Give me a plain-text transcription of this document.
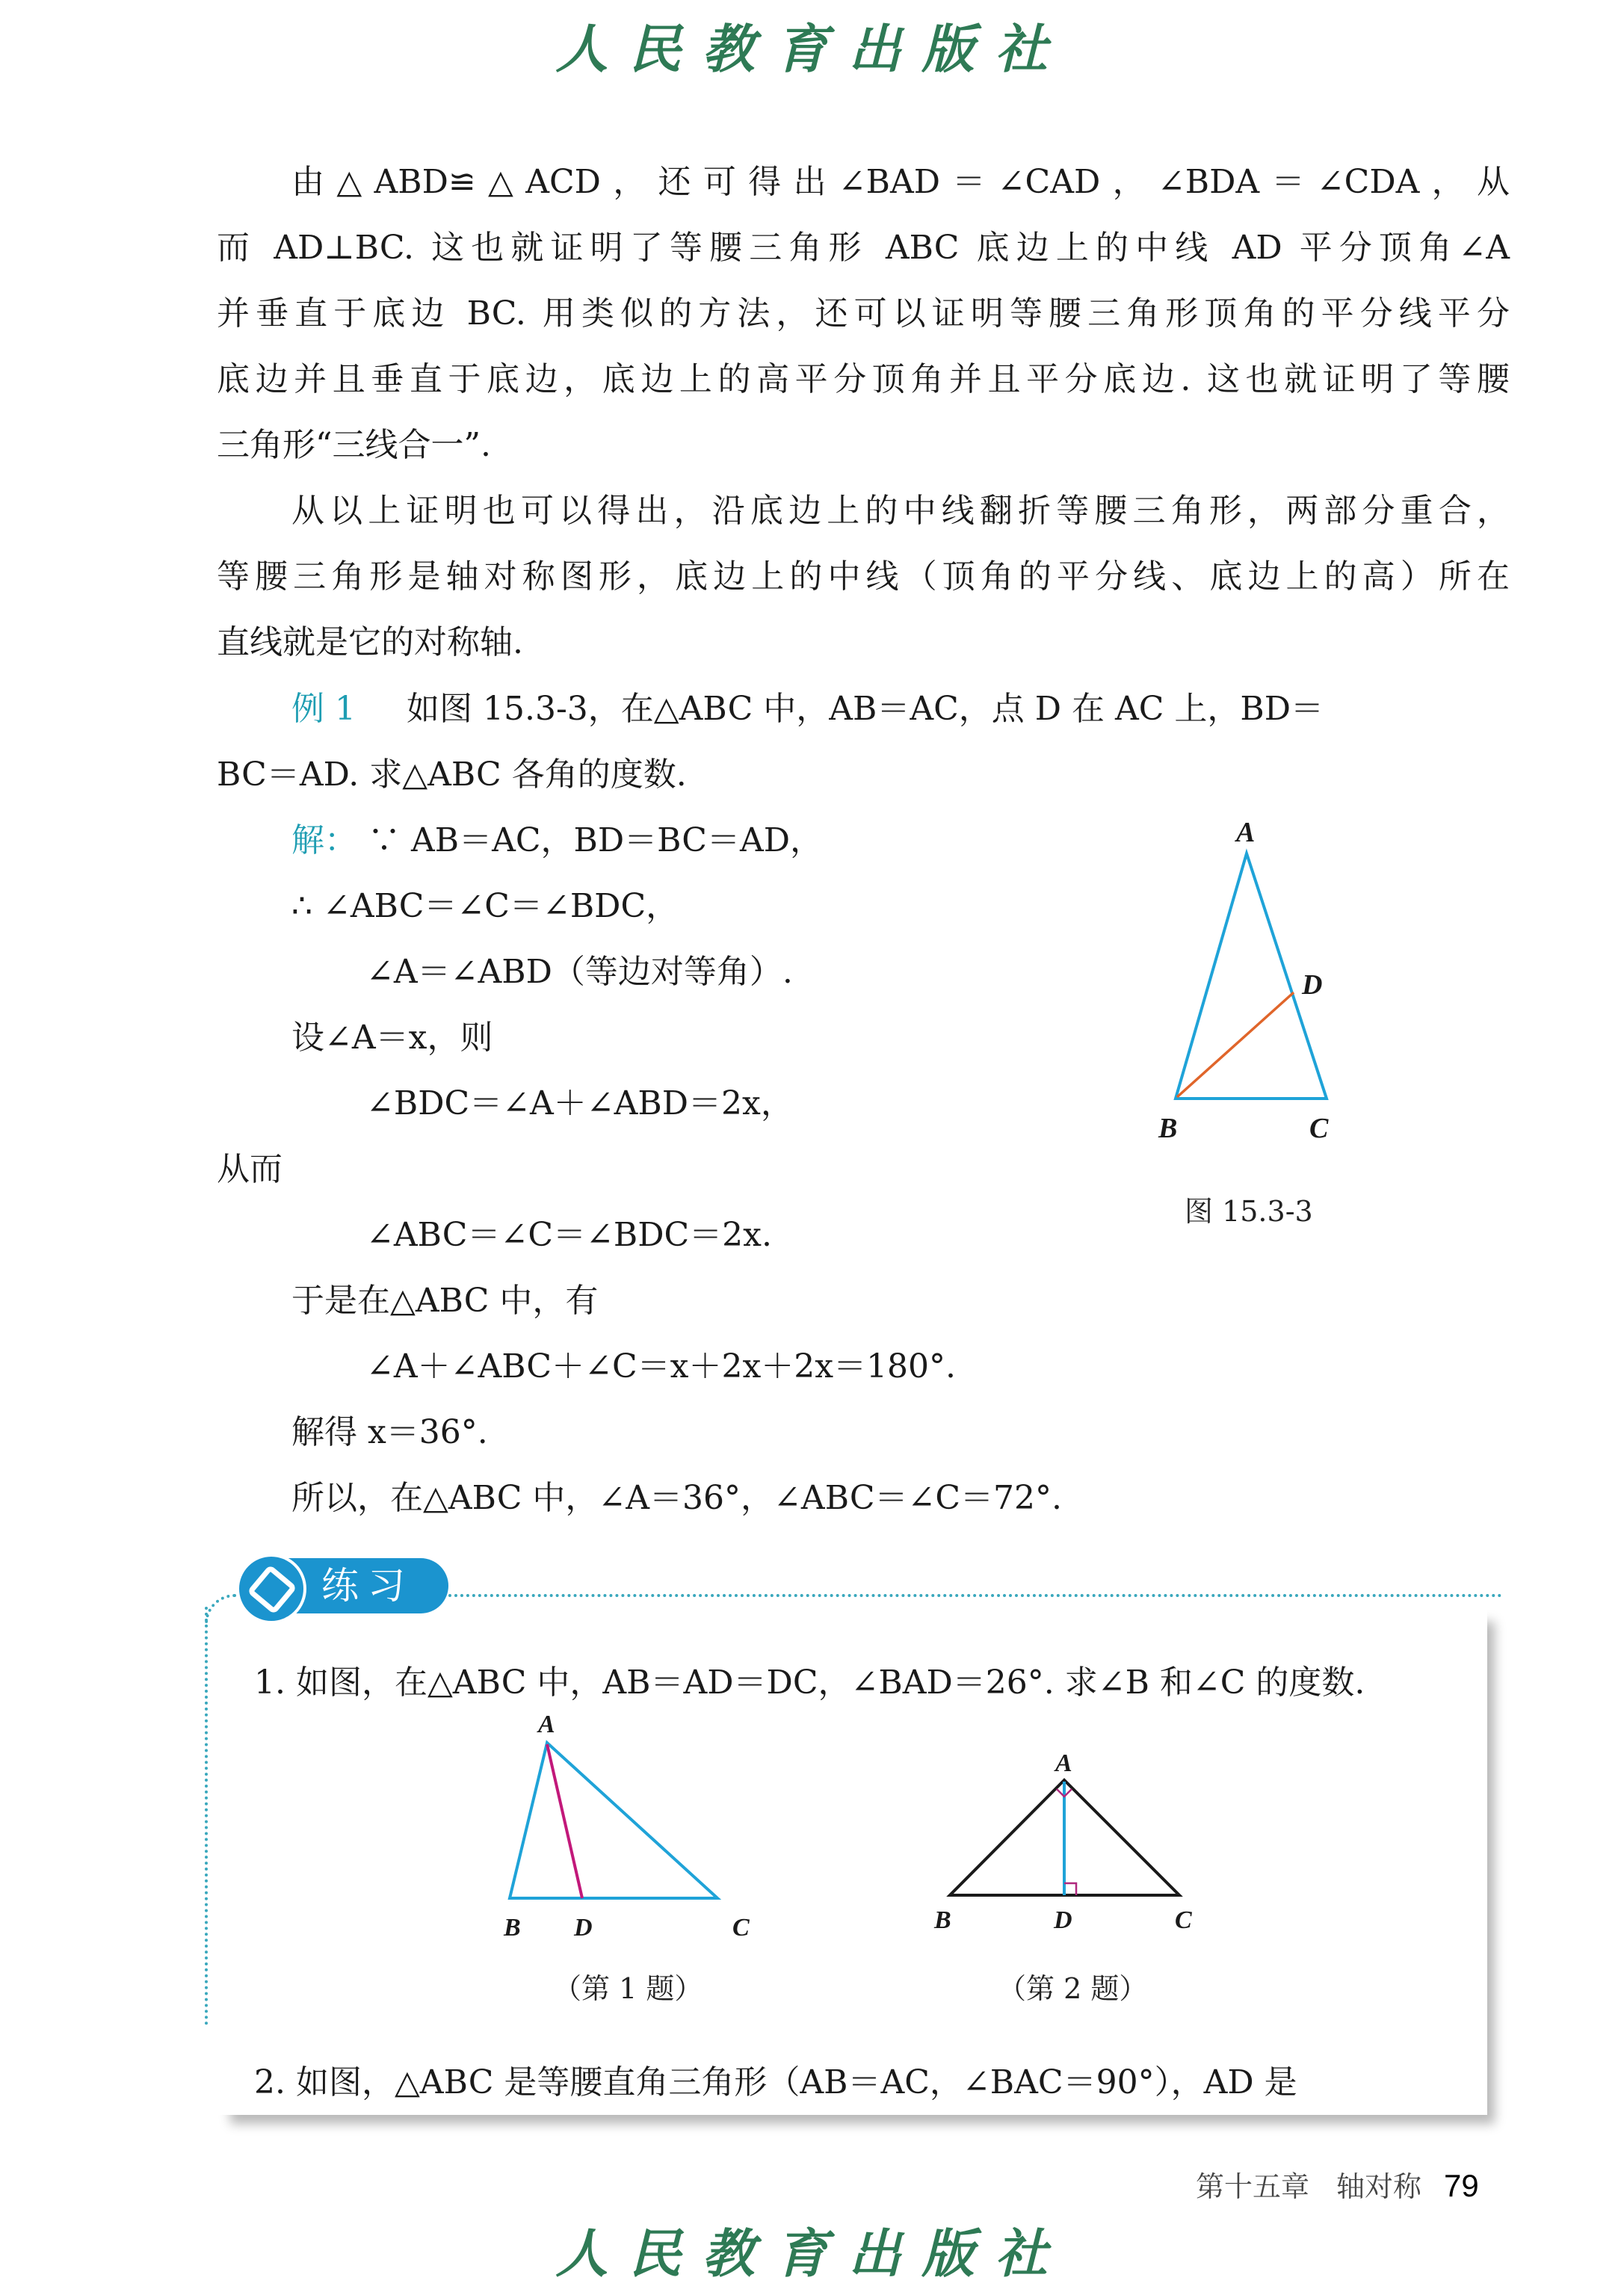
人民教育出版社
由△ABD≌△ACD，还可得出∠BAD＝∠CAD，∠BDA＝∠CDA，从
而 AD⊥BC. 这也就证明了等腰三角形 ABC 底边上的中线 AD 平分顶角∠A
并垂直于底边 BC. 用类似的方法，还可以证明等腰三角形顶角的平分线平分
底边并且垂直于底边，底边上的高平分顶角并且平分底边. 这也就证明了等腰
三角形“三线合一”.
从以上证明也可以得出，沿底边上的中线翻折等腰三角形，两部分重合，
等腰三角形是轴对称图形，底边上的中线（顶角的平分线、底边上的高）所在
直线就是它的对称轴.
例 1 如图 15.3-3，在△ABC 中，AB＝AC，点 D 在 AC 上，BD＝
BC＝AD. 求△ABC 各角的度数.
解： ∵ AB＝AC，BD＝BC＝AD，
∴ ∠ABC＝∠C＝∠BDC，
∠A＝∠ABD（等边对等角）.
设∠A＝x，则
∠BDC＝∠A＋∠ABD＝2x，
从而
∠ABC＝∠C＝∠BDC＝2x.
于是在△ABC 中，有
∠A＋∠ABC＋∠C＝x＋2x＋2x＝180°.
解得 x＝36°.
所以，在△ABC 中，∠A＝36°，∠ABC＝∠C＝72°.
A
B	C
D
图 15.3-3
练习
1. 如图，在△ABC 中，AB＝AD＝DC，∠BAD＝26°. 求∠B 和∠C 的度数.
A
B D	C
（第 1 题）
A
B	D	C
（第 2 题）
2. 如图，△ABC 是等腰直角三角形（AB＝AC，∠BAC＝90°），AD 是
第十五章 轴对称 79
人民教育出版社
